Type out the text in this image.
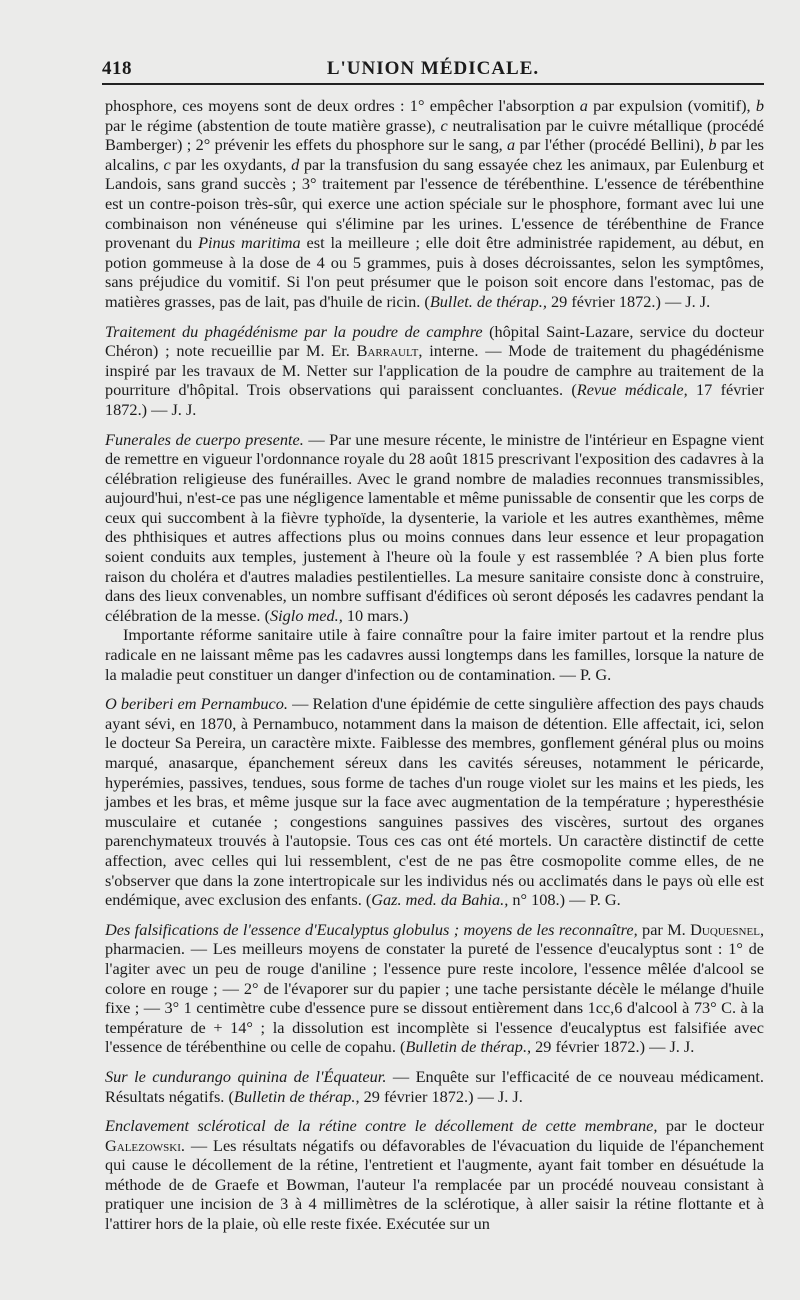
418	L'UNION MÉDICALE.

phosphore, ces moyens sont de deux ordres : 1° empêcher l'absorption a par expulsion (vomitif), b par le régime (abstention de toute matière grasse), c neutralisation par le cuivre métallique (procédé Bamberger) ; 2° prévenir les effets du phosphore sur le sang, a par l'éther (procédé Bellini), b par les alcalins, c par les oxydants, d par la transfusion du sang essayée chez les animaux, par Eulenburg et Landois, sans grand succès ; 3° traitement par l'essence de térébenthine. L'essence de térébenthine est un contre-poison très-sûr, qui exerce une action spéciale sur le phosphore, formant avec lui une combinaison non vénéneuse qui s'élimine par les urines. L'essence de térébenthine de France provenant du Pinus maritima est la meilleure ; elle doit être administrée rapidement, au début, en potion gommeuse à la dose de 4 ou 5 grammes, puis à doses décroissantes, selon les symptômes, sans préjudice du vomitif. Si l'on peut présumer que le poison soit encore dans l'estomac, pas de matières grasses, pas de lait, pas d'huile de ricin. (Bullet. de thérap., 29 février 1872.) — J. J.

Traitement du phagédénisme par la poudre de camphre (hôpital Saint-Lazare, service du docteur Chéron) ; note recueillie par M. Er. Barrault, interne. — Mode de traitement du phagédénisme inspiré par les travaux de M. Netter sur l'application de la poudre de camphre au traitement de la pourriture d'hôpital. Trois observations qui paraissent concluantes. (Revue médicale, 17 février 1872.) — J. J.

Funerales de cuerpo presente. — Par une mesure récente, le ministre de l'intérieur en Espagne vient de remettre en vigueur l'ordonnance royale du 28 août 1815 prescrivant l'exposition des cadavres à la célébration religieuse des funérailles. Avec le grand nombre de maladies reconnues transmissibles, aujourd'hui, n'est-ce pas une négligence lamentable et même punissable de consentir que les corps de ceux qui succombent à la fièvre typhoïde, la dysenterie, la variole et les autres exanthèmes, même des phthisiques et autres affections plus ou moins connues dans leur essence et leur propagation soient conduits aux temples, justement à l'heure où la foule y est rassemblée ? A bien plus forte raison du choléra et d'autres maladies pestilentielles. La mesure sanitaire consiste donc à construire, dans des lieux convenables, un nombre suffisant d'édifices où seront déposés les cadavres pendant la célébration de la messe. (Siglo med., 10 mars.)

Importante réforme sanitaire utile à faire connaître pour la faire imiter partout et la rendre plus radicale en ne laissant même pas les cadavres aussi longtemps dans les familles, lorsque la nature de la maladie peut constituer un danger d'infection ou de contamination. — P. G.

O beriberi em Pernambuco. — Relation d'une épidémie de cette singulière affection des pays chauds ayant sévi, en 1870, à Pernambuco, notamment dans la maison de détention. Elle affectait, ici, selon le docteur Sa Pereira, un caractère mixte. Faiblesse des membres, gonflement général plus ou moins marqué, anasarque, épanchement séreux dans les cavités séreuses, notamment le péricarde, hyperémies, passives, tendues, sous forme de taches d'un rouge violet sur les mains et les pieds, les jambes et les bras, et même jusque sur la face avec augmentation de la température ; hyperesthésie musculaire et cutanée ; congestions sanguines passives des viscères, surtout des organes parenchymateux trouvés à l'autopsie. Tous ces cas ont été mortels. Un caractère distinctif de cette affection, avec celles qui lui ressemblent, c'est de ne pas être cosmopolite comme elles, de ne s'observer que dans la zone intertropicale sur les individus nés ou acclimatés dans le pays où elle est endémique, avec exclusion des enfants. (Gaz. med. da Bahia., n° 108.) — P. G.

Des falsifications de l'essence d'Eucalyptus globulus ; moyens de les reconnaître, par M. Duquesnel, pharmacien. — Les meilleurs moyens de constater la pureté de l'essence d'eucalyptus sont : 1° de l'agiter avec un peu de rouge d'aniline ; l'essence pure reste incolore, l'essence mêlée d'alcool se colore en rouge ; — 2° de l'évaporer sur du papier ; une tache persistante décèle le mélange d'huile fixe ; — 3° 1 centimètre cube d'essence pure se dissout entièrement dans 1cc,6 d'alcool à 73° C. à la température de + 14° ; la dissolution est incomplète si l'essence d'eucalyptus est falsifiée avec l'essence de térébenthine ou celle de copahu. (Bulletin de thérap., 29 février 1872.) — J. J.

Sur le cundurango quinina de l'Équateur. — Enquête sur l'efficacité de ce nouveau médicament. Résultats négatifs. (Bulletin de thérap., 29 février 1872.) — J. J.

Enclavement sclérotical de la rétine contre le décollement de cette membrane, par le docteur Galezowski. — Les résultats négatifs ou défavorables de l'évacuation du liquide de l'épanchement qui cause le décollement de la rétine, l'entretient et l'augmente, ayant fait tomber en désuétude la méthode de de Graefe et Bowman, l'auteur l'a remplacée par un procédé nouveau consistant à pratiquer une incision de 3 à 4 millimètres de la sclérotique, à aller saisir la rétine flottante et à l'attirer hors de la plaie, où elle reste fixée. Exécutée sur un
